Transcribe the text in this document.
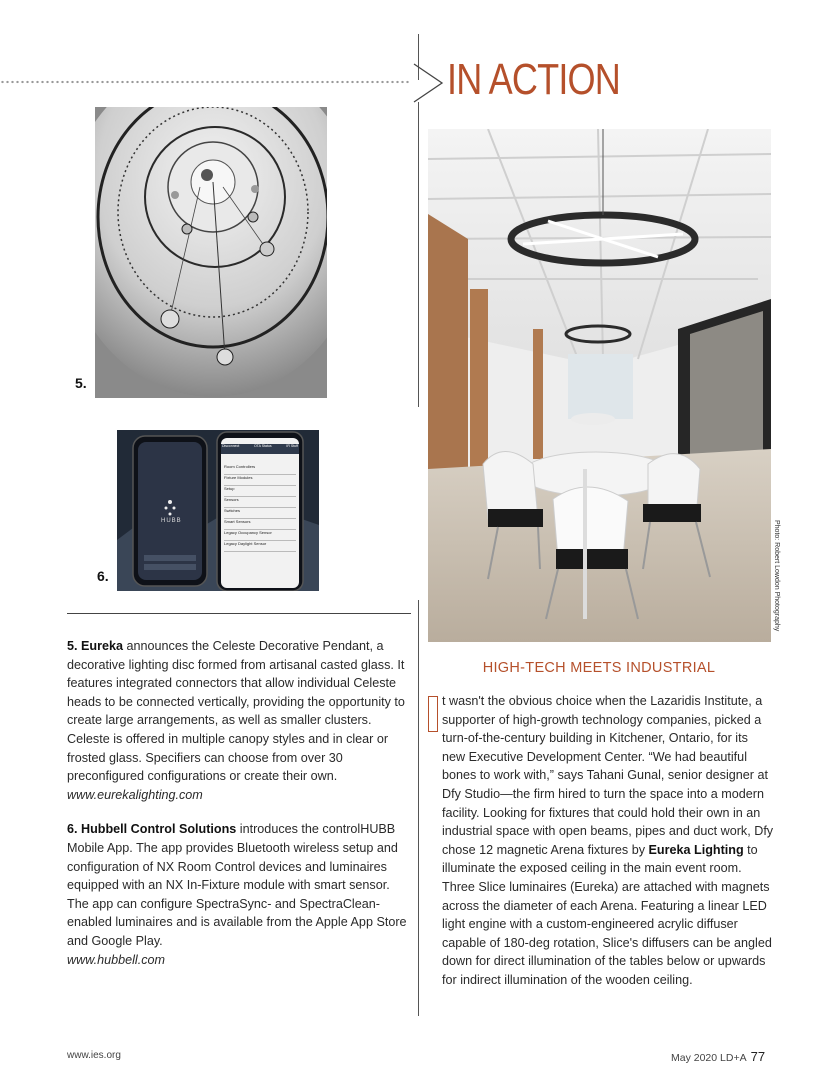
IN ACTION
5.
HUBB
Disconnect	OTA Status	IR Stuff
Room Controllers
Fixture Modules
Setup
Sensors
Switches
Smart Sensors
Legacy Occupancy Sensor
Legacy Daylight Sensor
6.

5. Eureka announces the Celeste Decorative Pendant, a decorative lighting disc formed from artisanal casted glass. It features integrated connectors that allow individual Celeste heads to be connected vertically, providing the opportunity to create large arrangements, as well as smaller clusters. Celeste is offered in multiple canopy styles and in clear or frosted glass. Specifiers can choose from over 30 preconfigured configurations or create their own.
www.eurekalighting.com

6. Hubbell Control Solutions introduces the controlHUBB Mobile App. The app provides Bluetooth wireless setup and configuration of NX Room Control devices and luminaires equipped with an NX In-Fixture module with smart sensor. The app can configure SpectraSync- and SpectraClean-enabled luminaires and is available from the Apple App Store and Google Play.
www.hubbell.com

Photo: Robert Lowdon Photography
HIGH-TECH MEETS INDUSTRIAL
t wasn't the obvious choice when the Lazaridis Institute, a supporter of high-growth technology companies, picked a turn-of-the-century building in Kitchener, Ontario, for its new Executive Development Center. “We had beautiful bones to work with,” says Tahani Gunal, senior designer at Dfy Studio—the firm hired to turn the space into a modern facility. Looking for fixtures that could hold their own in an industrial space with open beams, pipes and duct work, Dfy chose 12 magnetic Arena fixtures by Eureka Lighting to illuminate the exposed ceiling in the main event room. Three Slice luminaires (Eureka) are attached with magnets across the diameter of each Arena. Featuring a linear LED light engine with a custom-engineered acrylic diffuser capable of 180-deg rotation, Slice's diffusers can be angled down for direct illumination of the tables below or upwards for indirect illumination of the wooden ceiling.
www.ies.org	May 2020 LD+A 77
